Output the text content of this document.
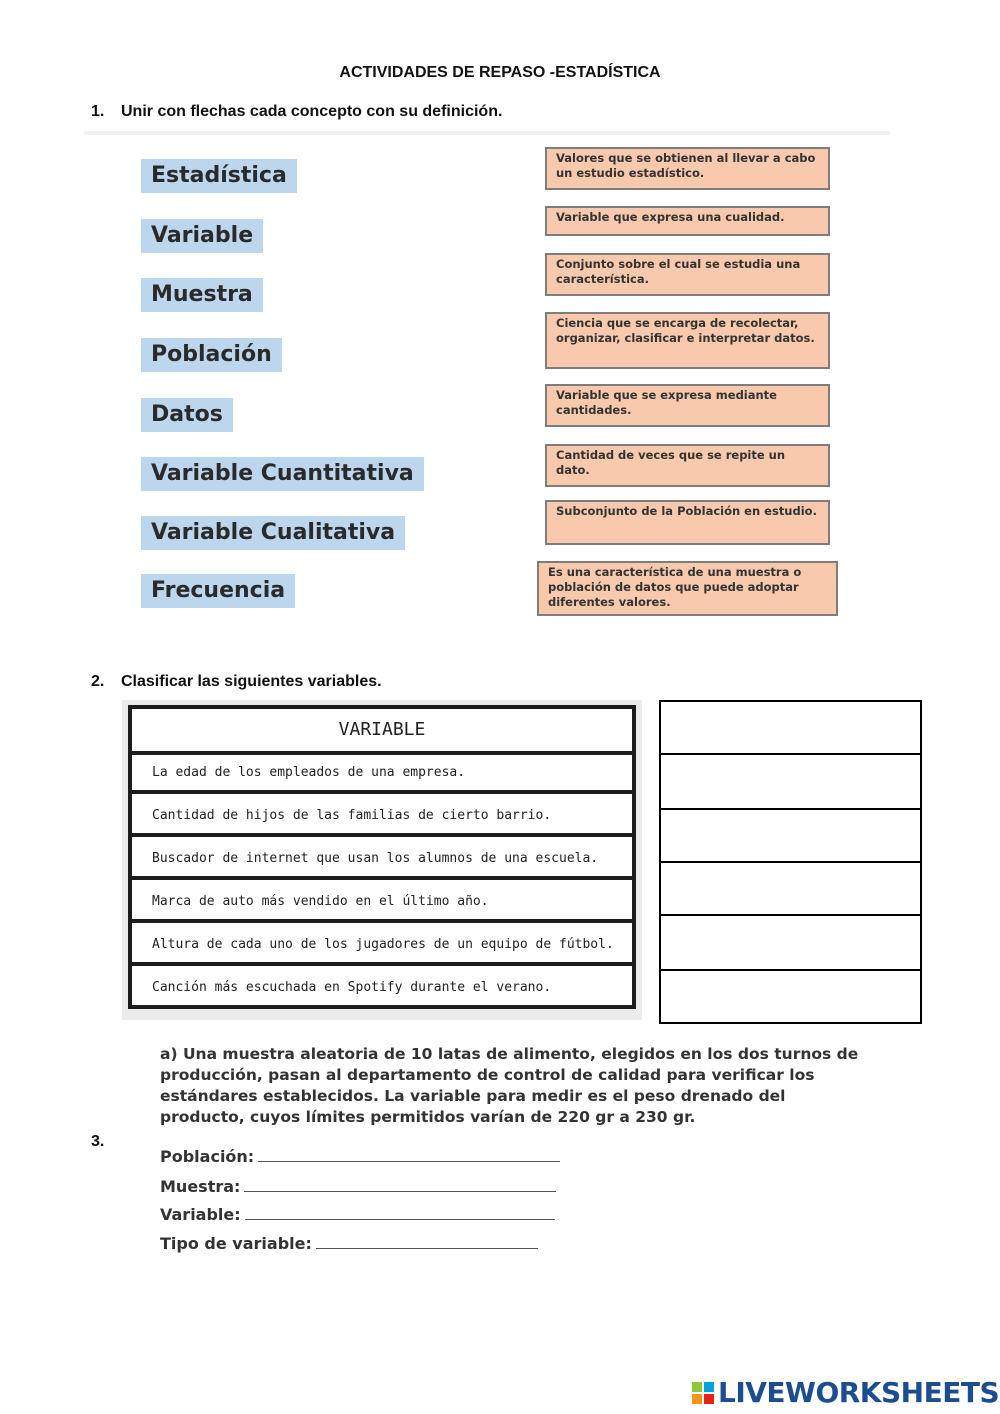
ACTIVIDADES DE REPASO -ESTADÍSTICA
1. Unir con flechas cada concepto con su definición.
Estadística
Variable
Muestra
Población
Datos
Variable Cuantitativa
Variable Cualitativa
Frecuencia
Valores que se obtienen al llevar a cabo un estudio estadístico.
Variable que expresa una cualidad.
Conjunto sobre el cual se estudia una característica.
Ciencia que se encarga de recolectar, organizar, clasificar e interpretar datos.
Variable que se expresa mediante cantidades.
Cantidad de veces que se repite un dato.
Subconjunto de la Población en estudio.
Es una característica de una muestra o población de datos que puede adoptar diferentes valores.
2. Clasificar las siguientes variables.
VARIABLE
La edad de los empleados de una empresa.
Cantidad de hijos de las familias de cierto barrio.
Buscador de internet que usan los alumnos de una escuela.
Marca de auto más vendido en el último año.
Altura de cada uno de los jugadores de un equipo de fútbol.
Canción más escuchada en Spotify durante el verano.
a) Una muestra aleatoria de 10 latas de alimento, elegidos en los dos turnos de producción, pasan al departamento de control de calidad para verificar los estándares establecidos. La variable para medir es el peso drenado del producto, cuyos límites permitidos varían de 220 gr a 230 gr.
3.
Población:
Muestra:
Variable:
Tipo de variable:
LIVEWORKSHEETS
